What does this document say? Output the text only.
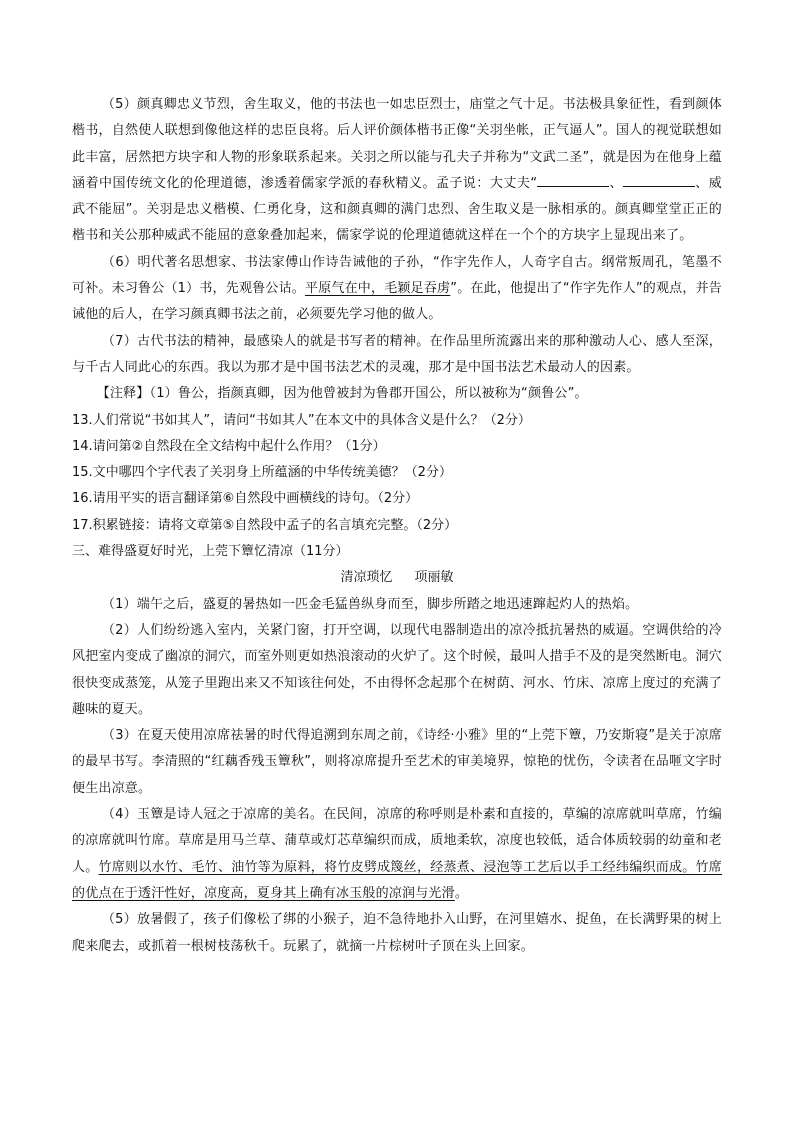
（5）颜真卿忠义节烈，舍生取义，他的书法也一如忠臣烈士，庙堂之气十足。书法极具象征性，看到颜体楷书，自然使人联想到像他这样的忠臣良将。后人评价颜体楷书正像“关羽坐帐，正气逼人”。国人的视觉联想如此丰富，居然把方块字和人物的形象联系起来。关羽之所以能与孔夫子并称为“文武二圣”，就是因为在他身上蕴涵着中国传统文化的伦理道德，渗透着儒家学派的春秋精义。孟子说：大丈夫“	、	、威武不能屈”。关羽是忠义楷模、仁勇化身，这和颜真卿的满门忠烈、舍生取义是一脉相承的。颜真卿堂堂正正的楷书和关公那种威武不能屈的意象叠加起来，儒家学说的伦理道德就这样在一个个的方块字上显现出来了。

（6）明代著名思想家、书法家傅山作诗告诫他的子孙，“作字先作人，人奇字自古。纲常叛周孔，笔墨不可补。未习鲁公（1）书，先观鲁公诂。平原气在中，毛颖足吞虏”。在此，他提出了“作字先作人”的观点，并告诫他的后人，在学习颜真卿书法之前，必须要先学习他的做人。

（7）古代书法的精神，最感染人的就是书写者的精神。在作品里所流露出来的那种激动人心、感人至深，与千古人同此心的东西。我以为那才是中国书法艺术的灵魂，那才是中国书法艺术最动人的因素。

【注释】（1）鲁公，指颜真卿，因为他曾被封为鲁郡开国公，所以被称为“颜鲁公”。

13.人们常说“书如其人”，请问“书如其人”在本文中的具体含义是什么？（2分）

14.请问第②自然段在全文结构中起什么作用？（1分）

15.文中哪四个字代表了关羽身上所蕴涵的中华传统美德？（2分）

16.请用平实的语言翻译第⑥自然段中画横线的诗句。（2分）

17.积累链接：请将文章第⑤自然段中孟子的名言填充完整。（2分）

三、难得盛夏好时光，上莞下簟忆清凉（11分）

清凉琐忆 项丽敏

（1）端午之后，盛夏的暑热如一匹金毛猛兽纵身而至，脚步所踏之地迅速蹿起灼人的热焰。

（2）人们纷纷逃入室内，关紧门窗，打开空调，以现代电器制造出的凉冷抵抗暑热的威逼。空调供给的冷风把室内变成了幽凉的洞穴，而室外则更如热浪滚动的火炉了。这个时候，最叫人措手不及的是突然断电。洞穴很快变成蒸笼，从笼子里跑出来又不知该往何处，不由得怀念起那个在树荫、河水、竹床、凉席上度过的充满了趣味的夏天。

（3）在夏天使用凉席祛暑的时代得追溯到东周之前，《诗经·小雅》里的“上莞下簟，乃安斯寝”是关于凉席的最早书写。李清照的“红藕香残玉簟秋”，则将凉席提升至艺术的审美境界，惊艳的忧伤，令读者在品咂文字时便生出凉意。

（4）玉簟是诗人冠之于凉席的美名。在民间，凉席的称呼则是朴素和直接的，草编的凉席就叫草席，竹编的凉席就叫竹席。草席是用马兰草、蒲草或灯芯草编织而成，质地柔软，凉度也较低，适合体质较弱的幼童和老人。竹席则以水竹、毛竹、油竹等为原料，将竹皮劈成篾丝，经蒸煮、浸泡等工艺后以手工经纬编织而成。竹席的优点在于透汗性好，凉度高，夏身其上确有冰玉般的凉润与光滑。

（5）放暑假了，孩子们像松了绑的小猴子，迫不急待地扑入山野，在河里嬉水、捉鱼，在长满野果的树上爬来爬去，或抓着一根树枝荡秋千。玩累了，就摘一片棕树叶子顶在头上回家。
